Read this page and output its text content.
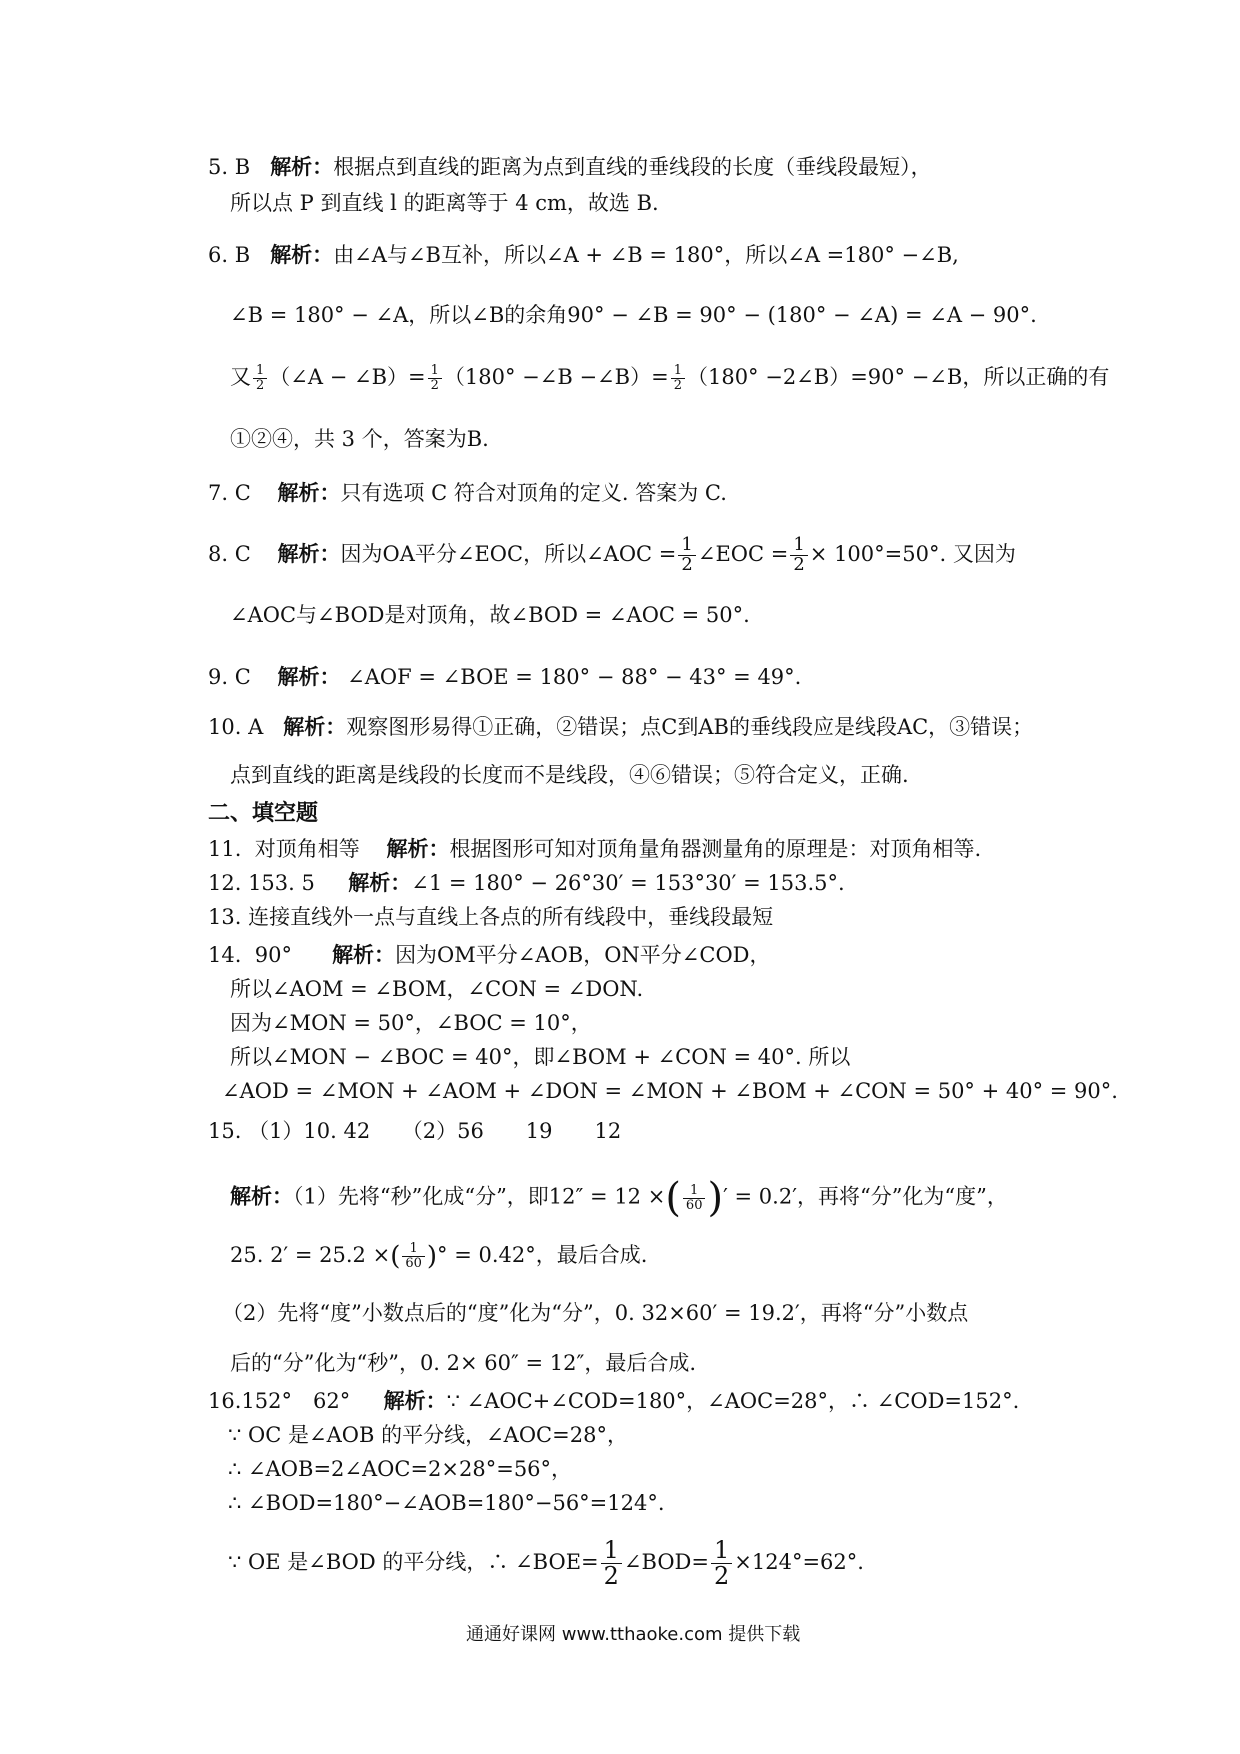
5. B 解析：根据点到直线的距离为点到直线的垂线段的长度（垂线段最短），
所以点 P 到直线 l 的距离等于 4 cm，故选 B.
6. B 解析：由∠A与∠B互补，所以∠A + ∠B = 180°，所以∠A =180° −∠B,
∠B = 180° − ∠A，所以∠B的余角90° − ∠B = 90° − (180° − ∠A) = ∠A − 90°.
又 $\frac{1}{2}$ （∠A − ∠B）= $\frac{1}{2} (180^\circ$ −∠B −∠B）= $\frac{1}{2} (180^\circ$ −2∠B）=90° −∠B，所以正确的有
①②④，共 3 个，答案为B.
7. C 解析：只有选项 C 符合对顶角的定义. 答案为 C.
8. C 解析：因为OA平分∠EOC，所以∠AOC = $\frac{1}{2}$ ∠EOC = $\frac{1}{2} \times 100^\circ=50^\circ$. 又因为
∠AOC与∠BOD是对顶角，故∠BOD = ∠AOC = 50°.
9. C 解析： ∠AOF = ∠BOE = 180° − 88° − 43° = 49°.
10. A 解析：观察图形易得①正确，②错误；点C到AB的垂线段应是线段AC，③错误；
点到直线的距离是线段的长度而不是线段，④⑥错误；⑤符合定义，正确.
二、填空题
11. 对顶角相等 解析：根据图形可知对顶角量角器测量角的原理是：对顶角相等.
12. 153. 5 解析：∠1 = 180° − 26°30′ = 153°30′ = 153.5°.
13. 连接直线外一点与直线上各点的所有线段中，垂线段最短
14. 90° 解析：因为OM平分∠AOB，ON平分∠COD，
所以∠AOM = ∠BOM，∠CON = ∠DON.
因为∠MON = 50°，∠BOC = 10°，
所以∠MON − ∠BOC = 40°，即∠BOM + ∠CON = 40°. 所以
∠AOD = ∠MON + ∠AOM + ∠DON = ∠MON + ∠BOM + ∠CON = 50° + 40° = 90°.
15. （1）10. 42　　（2）56　　19　　12
解析：（1）先将“秒”化成“分”，即12″ = 12 ×( $\frac{1}{60}$ )′ = 0.2′，再将“分”化为“度”，
25. 2′ = 25.2 ×( $\frac{1}{60}$ )° = 0.42°，最后合成.
（2）先将“度”小数点后的“度”化为“分”，0. 32×60′ = 19.2′，再将“分”小数点
后的“分”化为“秒”，0. 2× 60″ = 12″，最后合成.
16.152°　62° 解析：∵ ∠AOC+∠COD=180°，∠AOC=28°，∴ ∠COD=152°.
∵ OC 是∠AOB 的平分线，∠AOC=28°，
∴ ∠AOB=2∠AOC=2×28°=56°，
∴ ∠BOD=180°−∠AOB=180°−56°=124°.
∵ OE 是∠BOD 的平分线，∴ ∠BOE= $\frac{1}{2}$ ∠BOD= $\frac{1}{2} \times 124^\circ=62^\circ$.
通通好课网 www.tthaoke.com 提供下载
